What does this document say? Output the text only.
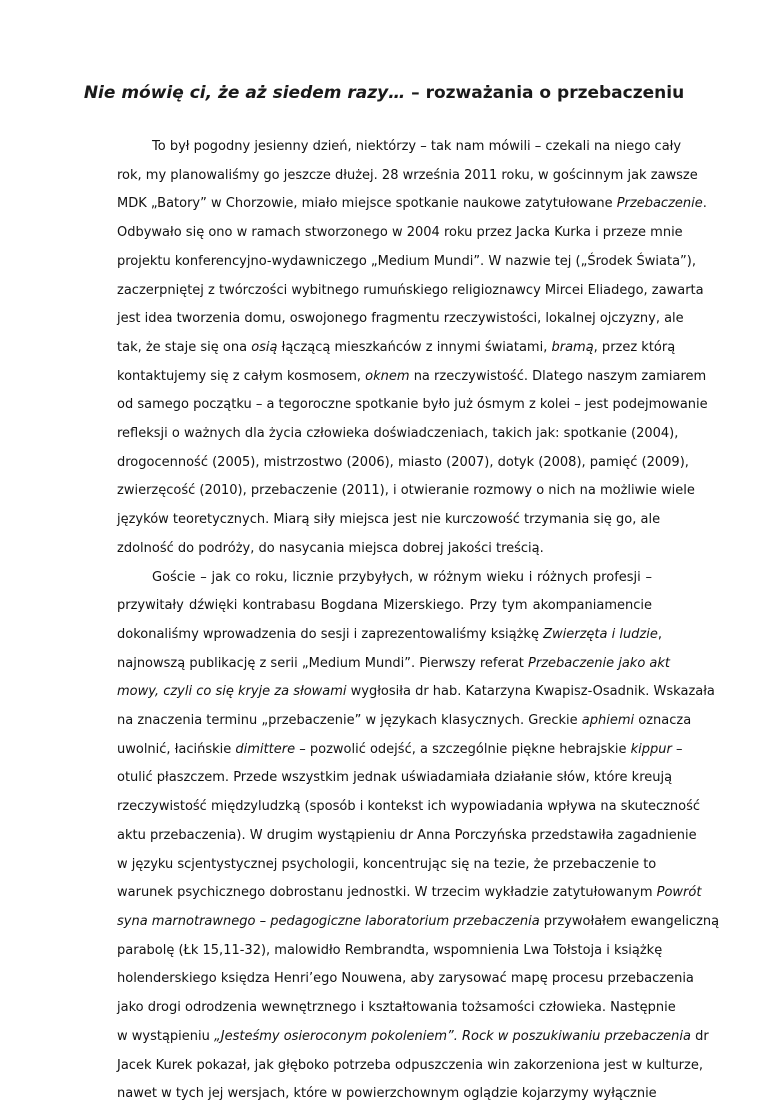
Nie mówię ci, że aż siedem razy… – rozważania o przebaczeniu
To był pogodny jesienny dzień, niektórzy – tak nam mówili – czekali na niego cały
rok, my planowaliśmy go jeszcze dłużej. 28 września 2011 roku, w gościnnym jak zawsze
MDK „Batory” w Chorzowie, miało miejsce spotkanie naukowe zatytułowane Przebaczenie.
Odbywało się ono w ramach stworzonego w 2004 roku przez Jacka Kurka i przeze mnie
projektu konferencyjno-wydawniczego „Medium Mundi”. W nazwie tej („Środek Świata”),
zaczerpniętej z twórczości wybitnego rumuńskiego religioznawcy Mircei Eliadego, zawarta
jest idea tworzenia domu, oswojonego fragmentu rzeczywistości, lokalnej ojczyzny, ale
tak, że staje się ona osią łączącą mieszkańców z innymi światami, bramą, przez którą
kontaktujemy się z całym kosmosem, oknem na rzeczywistość. Dlatego naszym zamiarem
od samego początku – a tegoroczne spotkanie było już ósmym z kolei – jest podejmowanie
refleksji o ważnych dla życia człowieka doświadczeniach, takich jak: spotkanie (2004),
drogocenność (2005), mistrzostwo (2006), miasto (2007), dotyk (2008), pamięć (2009),
zwierzęcość (2010), przebaczenie (2011), i otwieranie rozmowy o nich na możliwie wiele
języków teoretycznych. Miarą siły miejsca jest nie kurczowość trzymania się go, ale
zdolność do podróży, do nasycania miejsca dobrej jakości treścią.
Goście – jak co roku, licznie przybyłych, w różnym wieku i różnych profesji –
przywitały dźwięki kontrabasu Bogdana Mizerskiego. Przy tym akompaniamencie
dokonaliśmy wprowadzenia do sesji i zaprezentowaliśmy książkę Zwierzęta i ludzie,
najnowszą publikację z serii „Medium Mundi”. Pierwszy referat Przebaczenie jako akt
mowy, czyli co się kryje za słowami wygłosiła dr hab. Katarzyna Kwapisz-Osadnik. Wskazała
na znaczenia terminu „przebaczenie” w językach klasycznych. Greckie aphiemi oznacza
uwolnić, łacińskie dimittere – pozwolić odejść, a szczególnie piękne hebrajskie kippur –
otulić płaszczem. Przede wszystkim jednak uświadamiała działanie słów, które kreują
rzeczywistość międzyludzką (sposób i kontekst ich wypowiadania wpływa na skuteczność
aktu przebaczenia). W drugim wystąpieniu dr Anna Porczyńska przedstawiła zagadnienie
w języku scjentystycznej psychologii, koncentrując się na tezie, że przebaczenie to
warunek psychicznego dobrostanu jednostki. W trzecim wykładzie zatytułowanym Powrót
syna marnotrawnego – pedagogiczne laboratorium przebaczenia przywołałem ewangeliczną
parabolę (Łk 15,11-32), malowidło Rembrandta, wspomnienia Lwa Tołstoja i książkę
holenderskiego księdza Henri’ego Nouwena, aby zarysować mapę procesu przebaczenia
jako drogi odrodzenia wewnętrznego i kształtowania tożsamości człowieka. Następnie
w wystąpieniu „Jesteśmy osieroconym pokoleniem”. Rock w poszukiwaniu przebaczenia dr
Jacek Kurek pokazał, jak głęboko potrzeba odpuszczenia win zakorzeniona jest w kulturze,
nawet w tych jej wersjach, które w powierzchownym oglądzie kojarzymy wyłącznie
